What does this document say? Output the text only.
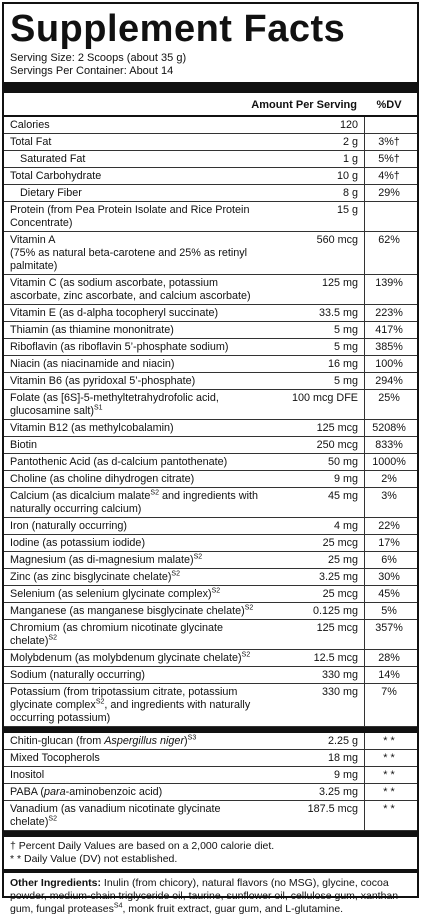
Supplement Facts
Serving Size: 2 Scoops (about 35 g)
Servings Per Container: About 14
Amount Per Serving	%DV
Calories	120
Total Fat	2 g	3%†
Saturated Fat	1 g	5%†
Total Carbohydrate	10 g	4%†
Dietary Fiber	8 g	29%
Protein (from Pea Protein Isolate and Rice Protein Concentrate)
15 g
Vitamin A
(75% as natural beta-carotene and 25% as retinyl palmitate)
560 mcg	62%
Vitamin C (as sodium ascorbate, potassium ascorbate, zinc ascorbate, and calcium ascorbate)
125 mg	139%
Vitamin E (as d-alpha tocopheryl succinate)	33.5 mg	223%
Thiamin (as thiamine mononitrate)	5 mg	417%
Riboflavin (as riboflavin 5’-phosphate sodium)	5 mg	385%
Niacin (as niacinamide and niacin)	16 mg	100%
Vitamin B6 (as pyridoxal 5’-phosphate)	5 mg	294%
Folate (as [6S]-5-methyltetrahydrofolic acid, glucosamine salt)$^{S1}$
100 mcg DFE	25%
Vitamin B12 (as methylcobalamin)	125 mcg	5208%
Biotin	250 mcg	833%
Pantothenic Acid (as d-calcium pantothenate)	50 mg	1000%
Choline (as choline dihydrogen citrate)	9 mg	2%
Calcium (as dicalcium malate$^{S2}$ and ingredients with naturally occurring calcium)
45 mg	3%
Iron (naturally occurring)	4 mg	22%
Iodine (as potassium iodide)	25 mcg	17%
Magnesium (as di-magnesium malate)$^{S2}$	25 mg	6%
Zinc (as zinc bisglycinate chelate)$^{S2}$	3.25 mg	30%
Selenium (as selenium glycinate complex)$^{S2}$	25 mcg	45%
Manganese (as manganese bisglycinate chelate)$^{S2}$	0.125 mg	5%
Chromium (as chromium nicotinate glycinate chelate)$^{S2}$
125 mcg	357%
Molybdenum (as molybdenum glycinate chelate)$^{S2}$	12.5 mcg	28%
Sodium (naturally occurring)	330 mg	14%
Potassium (from tripotassium citrate, potassium glycinate complex$^{S2}$, and ingredients with naturally occurring potassium)
330 mg	7%
Chitin-glucan (from Aspergillus niger)$^{S3}$	2.25 g	* *
Mixed Tocopherols	18 mg	* *
Inositol	9 mg	* *
PABA (para-aminobenzoic acid)	3.25 mg	* *
Vanadium (as vanadium nicotinate glycinate chelate)$^{S2}$
187.5 mcg	* *
† Percent Daily Values are based on a 2,000 calorie diet.
* * Daily Value (DV) not established.
Other Ingredients: Inulin (from chicory), natural flavors (no MSG), glycine, cocoa powder, medium-chain triglyceride oil, taurine, sunflower oil, cellulose gum, xanthan gum, fungal proteases$^{S4}$, monk fruit extract, guar gum, and L-glutamine.
